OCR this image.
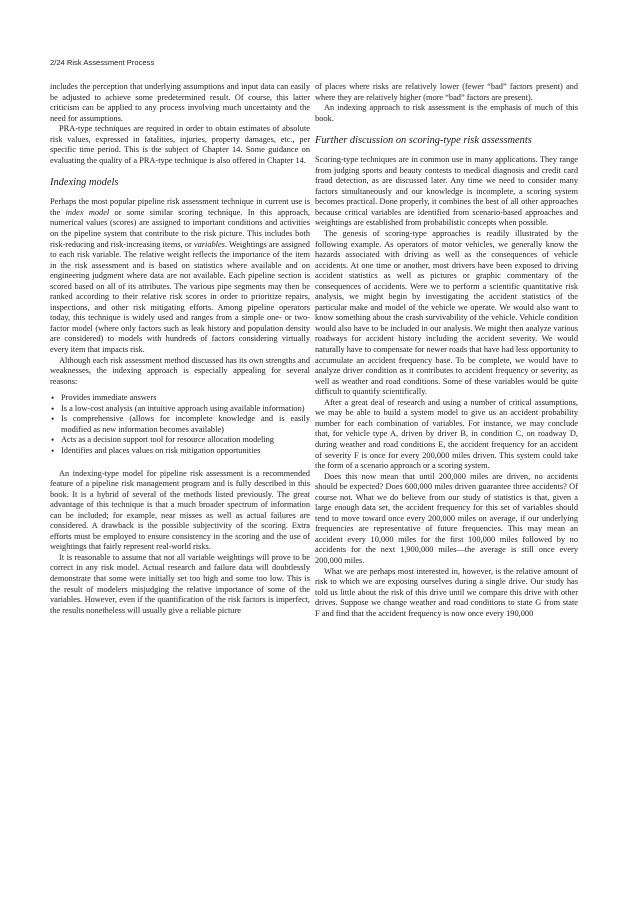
2/24 Risk Assessment Process

includes the perception that underlying assumptions and input data can easily be adjusted to achieve some predetermined result. Of course, this latter criticism can be applied to any process involving much uncertainty and the need for assumptions.

PRA-type techniques are required in order to obtain estimates of absolute risk values, expressed in fatalities, injuries, property damages, etc., per specific time period. This is the subject of Chapter 14. Some guidance on evaluating the quality of a PRA-type technique is also offered in Chapter 14.

Indexing models

Perhaps the most popular pipeline risk assessment technique in current use is the index model or some similar scoring technique. In this approach, numerical values (scores) are assigned to important conditions and activities on the pipeline system that contribute to the risk picture. This includes both risk-reducing and risk-increasing items, or variables. Weightings are assigned to each risk variable. The relative weight reflects the importance of the item in the risk assessment and is based on statistics where available and on engineering judgment where data are not available. Each pipeline section is scored based on all of its attributes. The various pipe segments may then be ranked according to their relative risk scores in order to prioritize repairs, inspections, and other risk mitigating efforts. Among pipeline operators today, this technique is widely used and ranges from a simple one- or two-factor model (where only factors such as leak history and population density are considered) to models with hundreds of factors considering virtually every item that impacts risk.

Although each risk assessment method discussed has its own strengths and weaknesses, the indexing approach is especially appealing for several reasons:

• Provides immediate answers
• Is a low-cost analysis (an intuitive approach using available information)
• Is comprehensive (allows for incomplete knowledge and is easily modified as new information becomes available)
• Acts as a decision support tool for resource allocation modeling
• Identifies and places values on risk mitigation opportunities

An indexing-type model for pipeline risk assessment is a recommended feature of a pipeline risk management program and is fully described in this book. It is a hybrid of several of the methods listed previously. The great advantage of this technique is that a much broader spectrum of information can be included; for example, near misses as well as actual failures are considered. A drawback is the possible subjectivity of the scoring. Extra efforts must be employed to ensure consistency in the scoring and the use of weightings that fairly represent real-world risks.

It is reasonable to assume that not all variable weightings will prove to be correct in any risk model. Actual research and failure data will doubtlessly demonstrate that some were initially set too high and some too low. This is the result of modelers misjudging the relative importance of some of the variables. However, even if the quantification of the risk factors is imperfect, the results nonetheless will usually give a reliable picture

of places where risks are relatively lower (fewer “bad” factors present) and where they are relatively higher (more “bad” factors are present).

An indexing approach to risk assessment is the emphasis of much of this book.

Further discussion on scoring-type risk assessments

Scoring-type techniques are in common use in many applications. They range from judging sports and beauty contests to medical diagnosis and credit card fraud detection, as are discussed later. Any time we need to consider many factors simultaneously and our knowledge is incomplete, a scoring system becomes practical. Done properly, it combines the best of all other approaches because critical variables are identified from scenario-based approaches and weightings are established from probabilistic concepts when possible.

The genesis of scoring-type approaches is readily illustrated by the following example. As operators of motor vehicles, we generally know the hazards associated with driving as well as the consequences of vehicle accidents. At one time or another, most drivers have been exposed to driving accident statistics as well as pictures or graphic commentary of the consequences of accidents. Were we to perform a scientific quantitative risk analysis, we might begin by investigating the accident statistics of the particular make and model of the vehicle we operate. We would also want to know something about the crash survivability of the vehicle. Vehicle condition would also have to be included in our analysis. We might then analyze various roadways for accident history including the accident severity. We would naturally have to compensate for newer roads that have had less opportunity to accumulate an accident frequency base. To be complete, we would have to analyze driver condition as it contributes to accident frequency or severity, as well as weather and road conditions. Some of these variables would be quite difficult to quantify scientifically.

After a great deal of research and using a number of critical assumptions, we may be able to build a system model to give us an accident probability number for each combination of variables. For instance, we may conclude that, for vehicle type A, driven by driver B, in condition C, on roadway D, during weather and road conditions E, the accident frequency for an accident of severity F is once for every 200,000 miles driven. This system could take the form of a scenario approach or a scoring system.

Does this now mean that until 200,000 miles are driven, no accidents should be expected? Does 600,000 miles driven guarantee three accidents? Of course not. What we do believe from our study of statistics is that, given a large enough data set, the accident frequency for this set of variables should tend to move toward once every 200,000 miles on average, if our underlying frequencies are representative of future frequencies. This may mean an accident every 10,000 miles for the first 100,000 miles followed by no accidents for the next 1,900,000 miles—the average is still once every 200,000 miles.

What we are perhaps most interested in, however, is the relative amount of risk to which we are exposing ourselves during a single drive. Our study has told us little about the risk of this drive until we compare this drive with other drives. Suppose we change weather and road conditions to state G from state F and find that the accident frequency is now once every 190,000
